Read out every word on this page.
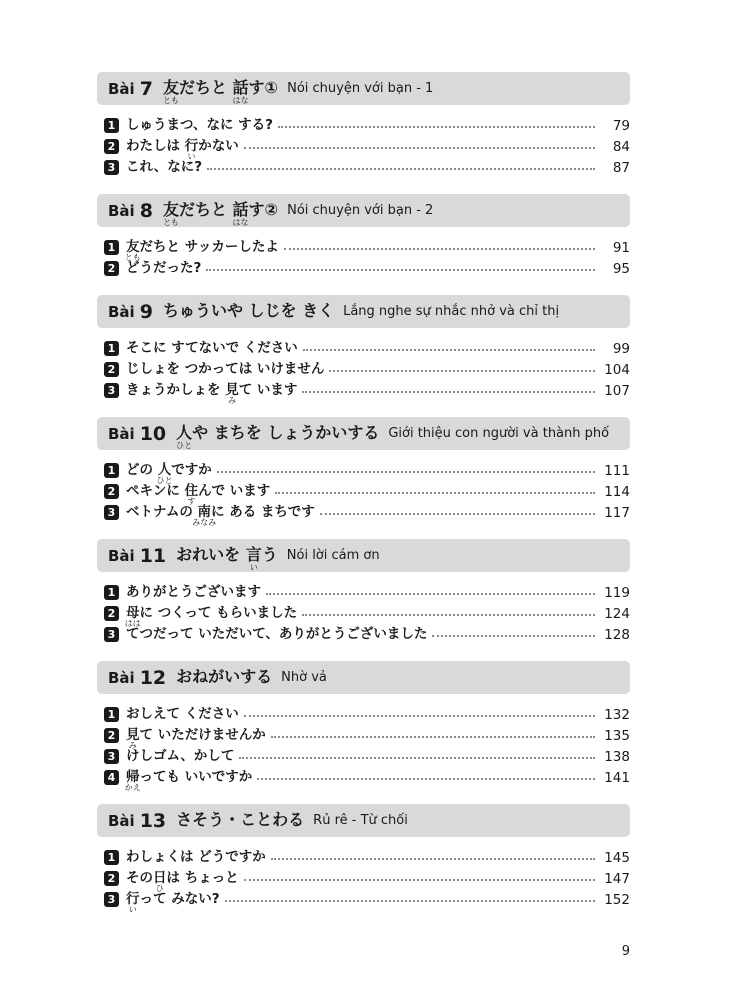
Bài 7 友
とも
だちと 話
はな
す① Nói chuyện với bạn - 1
1 しゅうまつ、なに する?	79
2 わたしは 行
い
かない	84
3 これ、なに?	87
Bài 8 友
とも
だちと 話
はな
す② Nói chuyện với bạn - 2
1 友
とも
だちと サッカーしたよ	91
2 どうだった?	95
Bài 9 ちゅういや しじを きく Lắng nghe sự nhắc nhở và chỉ thị
1 そこに すてないで ください	99
2 じしょを つかっては いけません	104
3 きょうかしょを 見
み
て います	107
Bài 10 人
ひと
や まちを しょうかいする Giới thiệu con người và thành phố
1 どの 人
ひと
ですか	111
2 ペキンに 住
す
んで います	114
3 ベトナムの 南
みなみ
に ある まちです	117
Bài 11 おれいを 言
い
う Nói lời cám ơn
1 ありがとうございます	119
2 母
はは
に つくって もらいました	124
3 てつだって いただいて、ありがとうございました	128
Bài 12 おねがいする Nhờ vả
1 おしえて ください	132
2 見
み
て いただけませんか	135
3 けしゴム、かして	138
4 帰
かえ
っても いいですか	141
Bài 13 さそう・ことわる Rủ rê - Từ chối
1 わしょくは どうですか	145
2 その日
ひ
は ちょっと	147
3 行
い
って みない?	152
9
